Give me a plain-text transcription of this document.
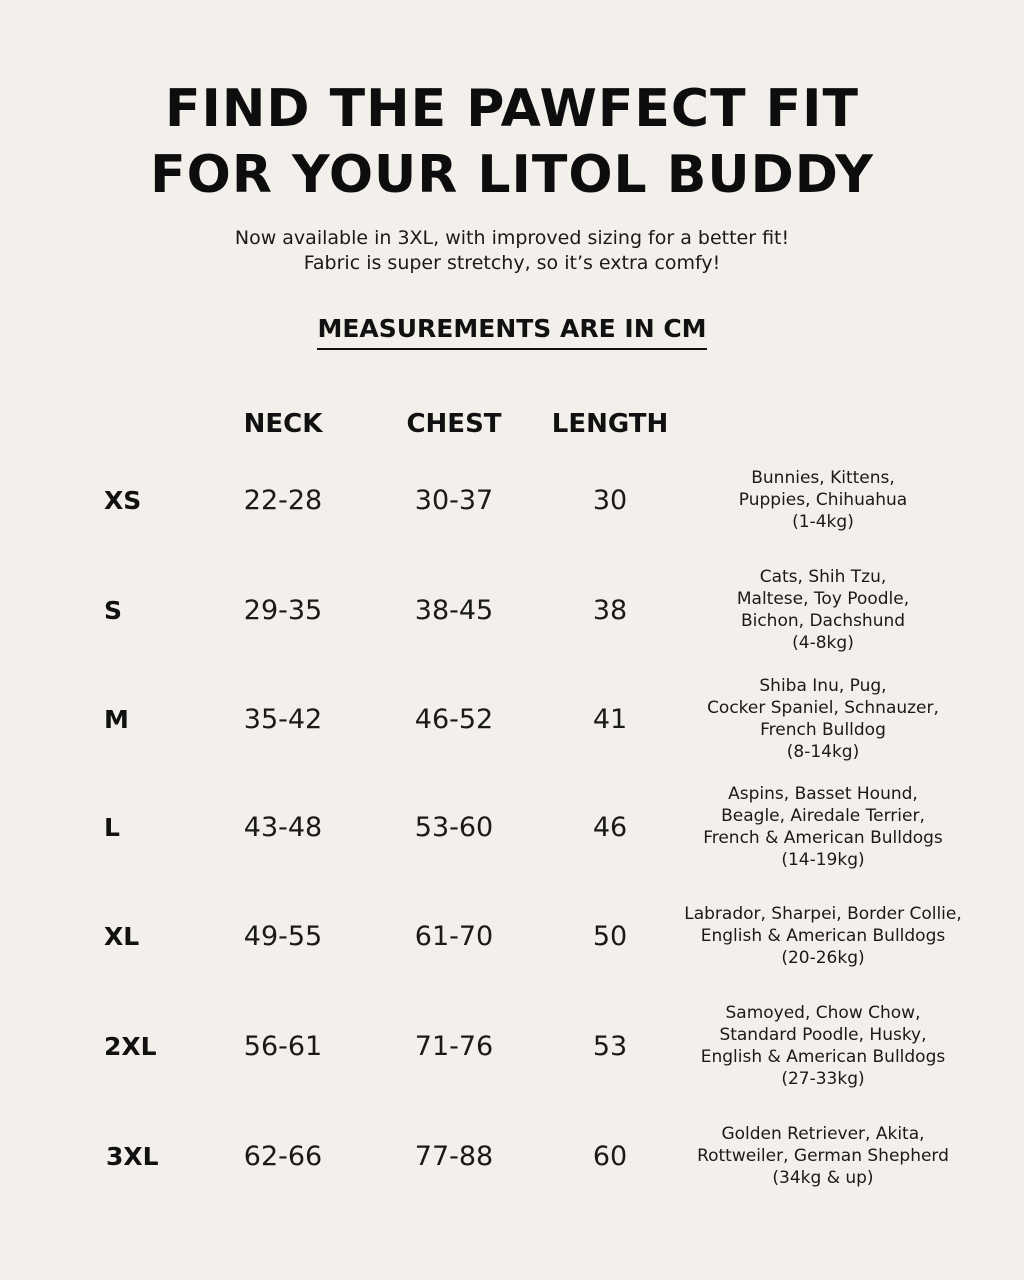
FIND THE PAWFECT FIT
FOR YOUR LITOL BUDDY
Now available in 3XL, with improved sizing for a better fit!
Fabric is super stretchy, so it’s extra comfy!
MEASUREMENTS ARE IN CM
NECK	CHEST	LENGTH
XS	22-28	30-37	30
Bunnies, Kittens,
Puppies, Chihuahua
(1-4kg)
S	29-35	38-45	38
Cats, Shih Tzu,
Maltese, Toy Poodle,
Bichon, Dachshund
(4-8kg)
M	35-42	46-52	41
Shiba Inu, Pug,
Cocker Spaniel, Schnauzer,
French Bulldog
(8-14kg)
L	43-48	53-60	46
Aspins, Basset Hound,
Beagle, Airedale Terrier,
French & American Bulldogs
(14-19kg)
XL	49-55	61-70	50
Labrador, Sharpei, Border Collie,
English & American Bulldogs
(20-26kg)
2XL	56-61	71-76	53
Samoyed, Chow Chow,
Standard Poodle, Husky,
English & American Bulldogs
(27-33kg)
3XL	62-66	77-88	60
Golden Retriever, Akita,
Rottweiler, German Shepherd
(34kg & up)
